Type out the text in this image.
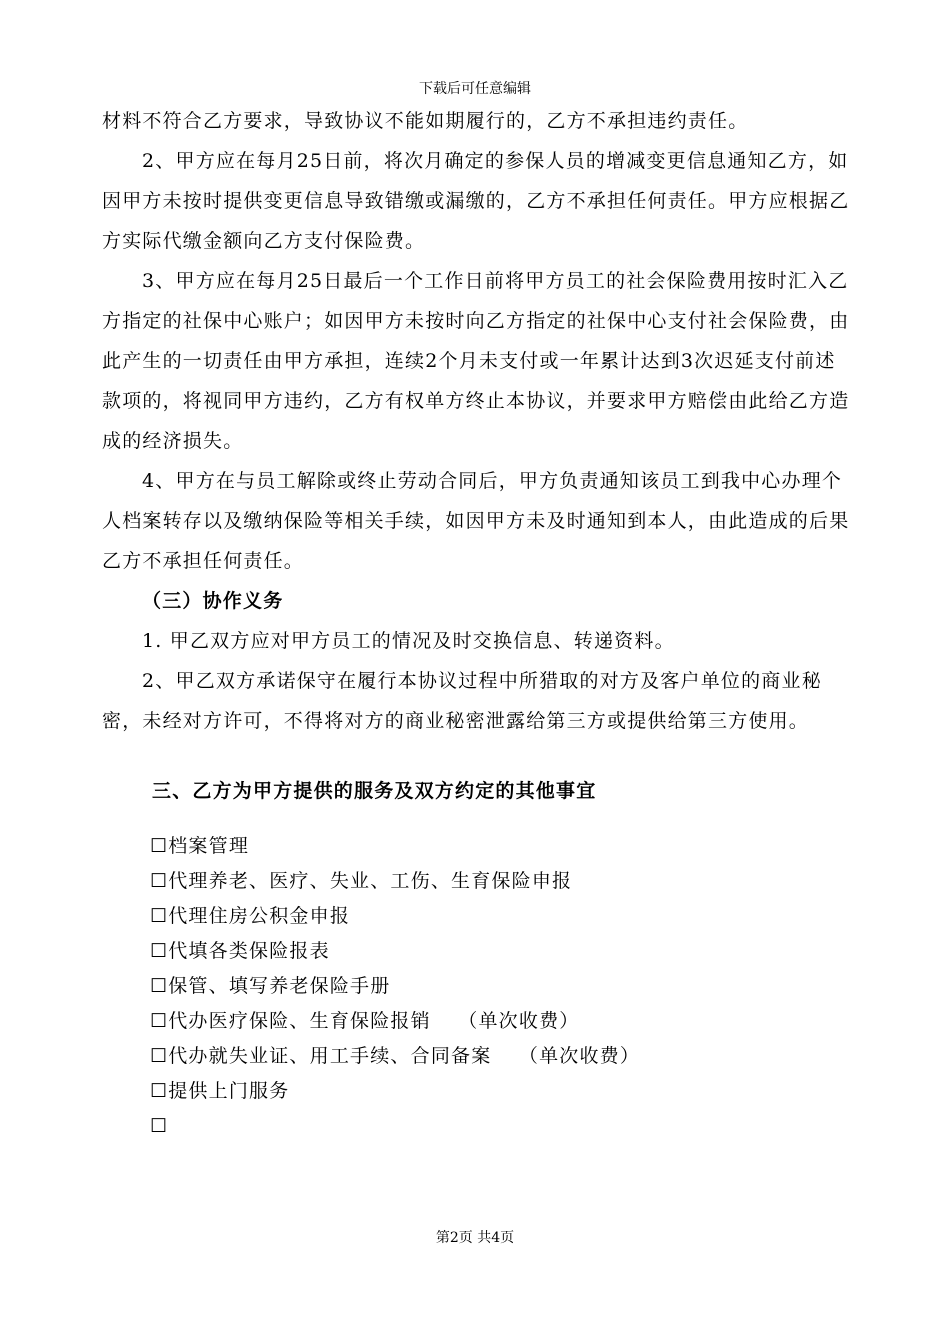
下载后可任意编辑

材料不符合乙方要求，导致协议不能如期履行的，乙方不承担违约责任。

2、甲方应在每月25日前，将次月确定的参保人员的增减变更信息通知乙方，如因甲方未按时提供变更信息导致错缴或漏缴的，乙方不承担任何责任。甲方应根据乙方实际代缴金额向乙方支付保险费。

3、甲方应在每月25日最后一个工作日前将甲方员工的社会保险费用按时汇入乙方指定的社保中心账户；如因甲方未按时向乙方指定的社保中心支付社会保险费，由此产生的一切责任由甲方承担，连续2个月未支付或一年累计达到3次迟延支付前述款项的，将视同甲方违约，乙方有权单方终止本协议，并要求甲方赔偿由此给乙方造成的经济损失。

4、甲方在与员工解除或终止劳动合同后，甲方负责通知该员工到我中心办理个人档案转存以及缴纳保险等相关手续，如因甲方未及时通知到本人，由此造成的后果乙方不承担任何责任。

（三）协作义务

1. 甲乙双方应对甲方员工的情况及时交换信息、转递资料。

2、甲乙双方承诺保守在履行本协议过程中所猎取的对方及客户单位的商业秘密，未经对方许可，不得将对方的商业秘密泄露给第三方或提供给第三方使用。

三、乙方为甲方提供的服务及双方约定的其他事宜

☐档案管理
☐代理养老、医疗、失业、工伤、生育保险申报
☐代理住房公积金申报
☐代填各类保险报表
☐保管、填写养老保险手册
☐代办医疗保险、生育保险报销　 （单次收费）
☐代办就失业证、用工手续、合同备案　 （单次收费）
☐提供上门服务
☐
第2页 共4页
